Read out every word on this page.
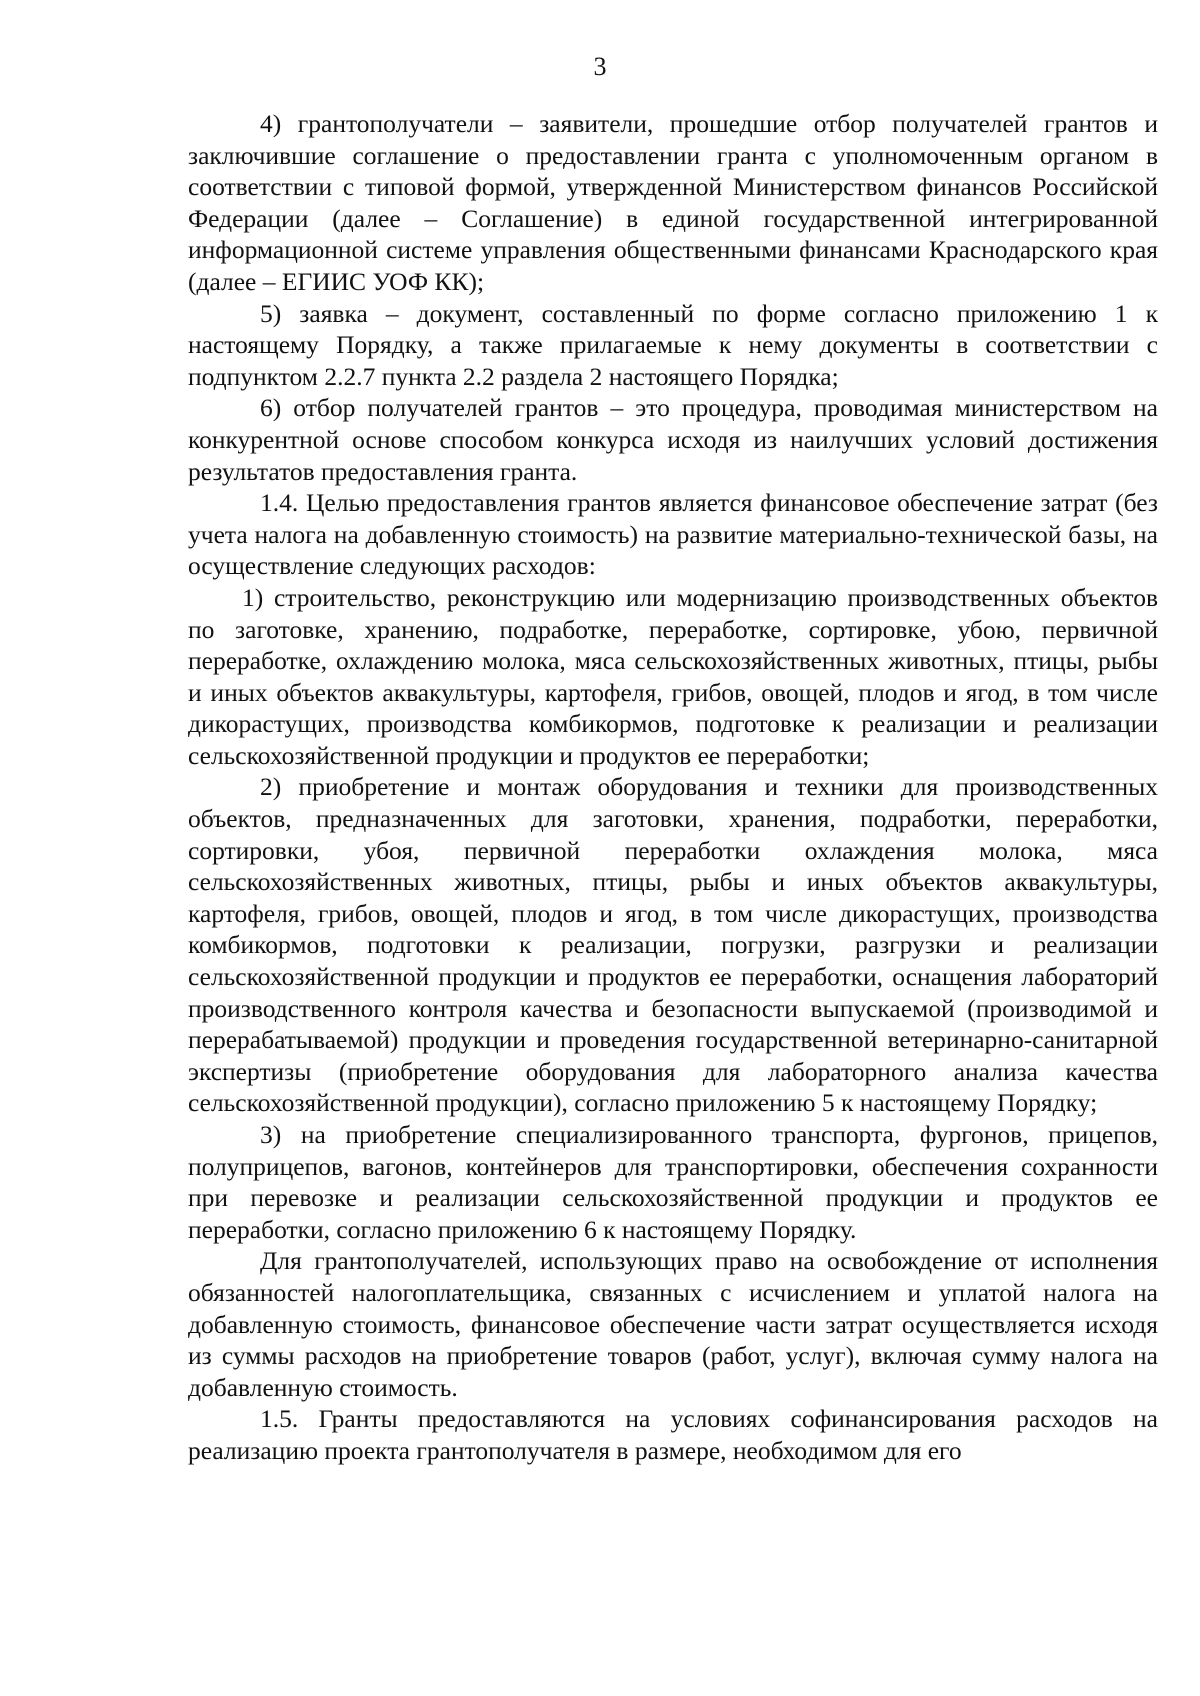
3

4) грантополучатели – заявители, прошедшие отбор получателей грантов и заключившие соглашение о предоставлении гранта с уполномоченным органом в соответствии с типовой формой, утвержденной Министерством финансов Российской Федерации (далее – Соглашение) в единой государственной интегрированной информационной системе управления общественными финансами Краснодарского края (далее – ЕГИИС УОФ КК);

5) заявка – документ, составленный по форме согласно приложению 1 к настоящему Порядку, а также прилагаемые к нему документы в соответствии с подпунктом 2.2.7 пункта 2.2 раздела 2 настоящего Порядка;

6) отбор получателей грантов – это процедура, проводимая министерством на конкурентной основе способом конкурса исходя из наилучших условий достижения результатов предоставления гранта.

1.4. Целью предоставления грантов является финансовое обеспечение затрат (без учета налога на добавленную стоимость) на развитие материально-технической базы, на осуществление следующих расходов:

1) строительство, реконструкцию или модернизацию производственных объектов по заготовке, хранению, подработке, переработке, сортировке, убою, первичной переработке, охлаждению молока, мяса сельскохозяйственных животных, птицы, рыбы и иных объектов аквакультуры, картофеля, грибов, овощей, плодов и ягод, в том числе дикорастущих, производства комбикормов, подготовке к реализации и реализации сельскохозяйственной продукции и продуктов ее переработки;

2) приобретение и монтаж оборудования и техники для производственных объектов, предназначенных для заготовки, хранения, подработки, переработки, сортировки, убоя, первичной переработки охлаждения молока, мяса сельскохозяйственных животных, птицы, рыбы и иных объектов аквакультуры, картофеля, грибов, овощей, плодов и ягод, в том числе дикорастущих, производства комбикормов, подготовки к реализации, погрузки, разгрузки и реализации сельскохозяйственной продукции и продуктов ее переработки, оснащения лабораторий производственного контроля качества и безопасности выпускаемой (производимой и перерабатываемой) продукции и проведения государственной ветеринарно-санитарной экспертизы (приобретение оборудования для лабораторного анализа качества сельскохозяйственной продукции), согласно приложению 5 к настоящему Порядку;

3) на приобретение специализированного транспорта, фургонов, прицепов, полуприцепов, вагонов, контейнеров для транспортировки, обеспечения сохранности при перевозке и реализации сельскохозяйственной продукции и продуктов ее переработки, согласно приложению 6 к настоящему Порядку.

Для грантополучателей, использующих право на освобождение от исполнения обязанностей налогоплательщика, связанных с исчислением и уплатой налога на добавленную стоимость, финансовое обеспечение части затрат осуществляется исходя из суммы расходов на приобретение товаров (работ, услуг), включая сумму налога на добавленную стоимость.

1.5. Гранты предоставляются на условиях софинансирования расходов на реализацию проекта грантополучателя в размере, необходимом для его
